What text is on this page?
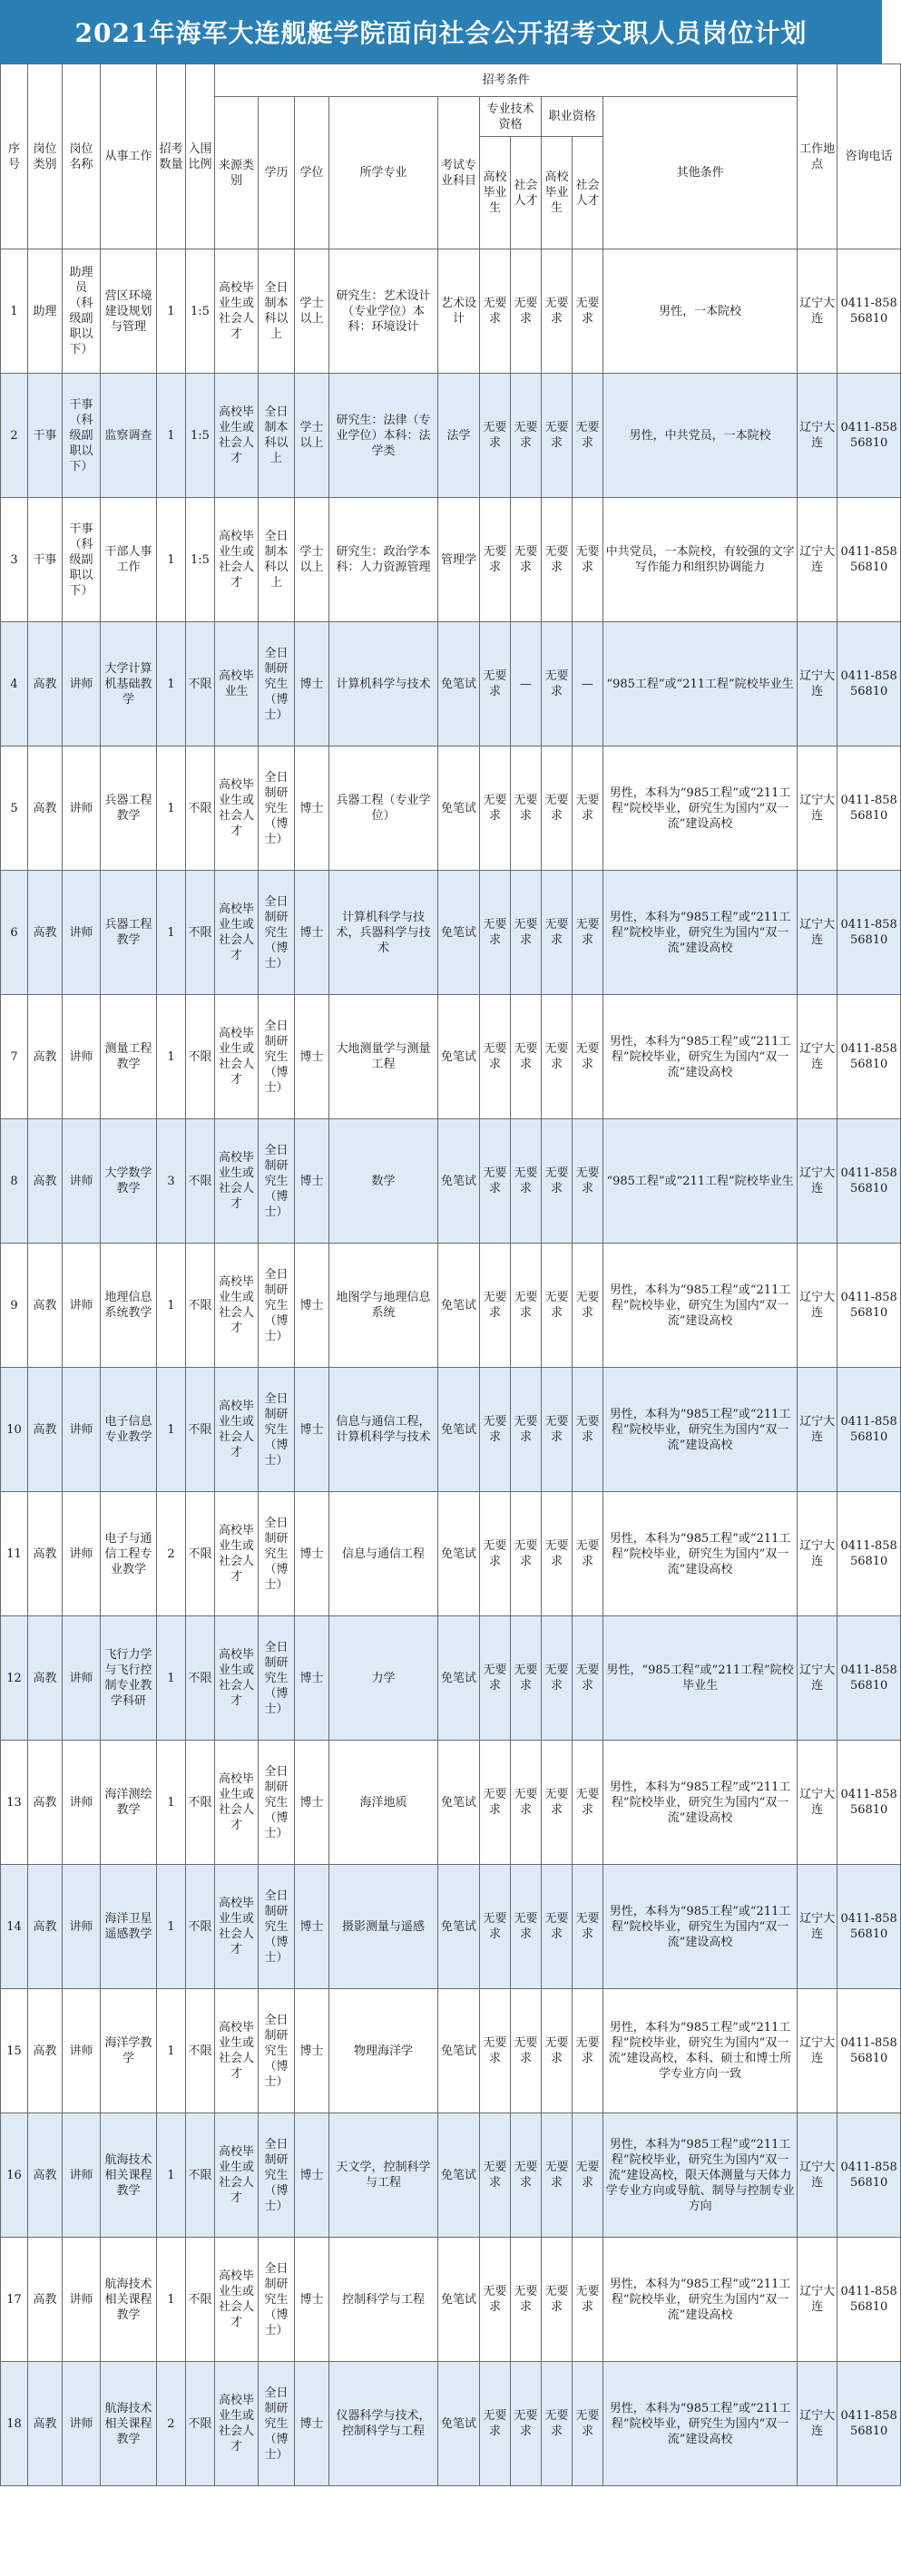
2021年海军大连舰艇学院面向社会公开招考文职人员岗位计划
序号	岗位类别	岗位名称	从事工作	招考数量	入围比例	招考条件										工作地点	咨询电话
						来源类别	学历	学位	所学专业	考试专业科目	专业技术资格		职业资格		其他条件		
											高校毕业生	社会人才	高校毕业生	社会人才			
1	助理	助理员（科级副职以下）	营区环境建设规划与管理	1	1:5	高校毕业生或社会人才	全日制本科以上	学士以上	研究生：艺术设计（专业学位）本科：环境设计	艺术设计	无要求	无要求	无要求	无要求	男性，一本院校	辽宁大连	0411-85856810
2	干事	干事（科级副职以下）	监察调查	1	1:5	高校毕业生或社会人才	全日制本科以上	学士以上	研究生：法律（专业学位）本科：法学类	法学	无要求	无要求	无要求	无要求	男性，中共党员，一本院校	辽宁大连	0411-85856810
3	干事	干事（科级副职以下）	干部人事工作	1	1:5	高校毕业生或社会人才	全日制本科以上	学士以上	研究生：政治学本科：人力资源管理	管理学	无要求	无要求	无要求	无要求	中共党员，一本院校，有较强的文字写作能力和组织协调能力	辽宁大连	0411-85856810
4	高教	讲师	大学计算机基础教学	1	不限	高校毕业生	全日制研究生（博士）	博士	计算机科学与技术	免笔试	无要求	—	无要求	—	“985工程”或“211工程”院校毕业生	辽宁大连	0411-85856810
5	高教	讲师	兵器工程教学	1	不限	高校毕业生或社会人才	全日制研究生（博士）	博士	兵器工程（专业学位）	免笔试	无要求	无要求	无要求	无要求	男性，本科为“985工程”或“211工程”院校毕业，研究生为国内“双一流”建设高校	辽宁大连	0411-85856810
6	高教	讲师	兵器工程教学	1	不限	高校毕业生或社会人才	全日制研究生（博士）	博士	计算机科学与技术，兵器科学与技术	免笔试	无要求	无要求	无要求	无要求	男性，本科为“985工程”或“211工程”院校毕业，研究生为国内“双一流”建设高校	辽宁大连	0411-85856810
7	高教	讲师	测量工程教学	1	不限	高校毕业生或社会人才	全日制研究生（博士）	博士	大地测量学与测量工程	免笔试	无要求	无要求	无要求	无要求	男性，本科为“985工程”或“211工程”院校毕业，研究生为国内“双一流”建设高校	辽宁大连	0411-85856810
8	高教	讲师	大学数学教学	3	不限	高校毕业生或社会人才	全日制研究生（博士）	博士	数学	免笔试	无要求	无要求	无要求	无要求	“985工程”或“211工程”院校毕业生	辽宁大连	0411-85856810
9	高教	讲师	地理信息系统教学	1	不限	高校毕业生或社会人才	全日制研究生（博士）	博士	地图学与地理信息系统	免笔试	无要求	无要求	无要求	无要求	男性，本科为“985工程”或“211工程”院校毕业，研究生为国内“双一流”建设高校	辽宁大连	0411-85856810
10	高教	讲师	电子信息专业教学	1	不限	高校毕业生或社会人才	全日制研究生（博士）	博士	信息与通信工程，计算机科学与技术	免笔试	无要求	无要求	无要求	无要求	男性，本科为“985工程”或“211工程”院校毕业，研究生为国内“双一流”建设高校	辽宁大连	0411-85856810
11	高教	讲师	电子与通信工程专业教学	2	不限	高校毕业生或社会人才	全日制研究生（博士）	博士	信息与通信工程	免笔试	无要求	无要求	无要求	无要求	男性，本科为“985工程”或“211工程”院校毕业，研究生为国内“双一流”建设高校	辽宁大连	0411-85856810
12	高教	讲师	飞行力学与飞行控制专业教学科研	1	不限	高校毕业生或社会人才	全日制研究生（博士）	博士	力学	免笔试	无要求	无要求	无要求	无要求	男性，“985工程”或“211工程”院校毕业生	辽宁大连	0411-85856810
13	高教	讲师	海洋测绘教学	1	不限	高校毕业生或社会人才	全日制研究生（博士）	博士	海洋地质	免笔试	无要求	无要求	无要求	无要求	男性，本科为“985工程”或“211工程”院校毕业，研究生为国内“双一流”建设高校	辽宁大连	0411-85856810
14	高教	讲师	海洋卫星遥感教学	1	不限	高校毕业生或社会人才	全日制研究生（博士）	博士	摄影测量与遥感	免笔试	无要求	无要求	无要求	无要求	男性，本科为“985工程”或“211工程”院校毕业，研究生为国内“双一流”建设高校	辽宁大连	0411-85856810
15	高教	讲师	海洋学教学	1	不限	高校毕业生或社会人才	全日制研究生（博士）	博士	物理海洋学	免笔试	无要求	无要求	无要求	无要求	男性，本科为“985工程”或“211工程”院校毕业，研究生为国内“双一流”建设高校，本科、硕士和博士所学专业方向一致	辽宁大连	0411-85856810
16	高教	讲师	航海技术相关课程教学	1	不限	高校毕业生或社会人才	全日制研究生（博士）	博士	天文学，控制科学与工程	免笔试	无要求	无要求	无要求	无要求	男性，本科为“985工程”或“211工程”院校毕业，研究生为国内“双一流”建设高校，限天体测量与天体力学专业方向或导航、制导与控制专业方向	辽宁大连	0411-85856810
17	高教	讲师	航海技术相关课程教学	1	不限	高校毕业生或社会人才	全日制研究生（博士）	博士	控制科学与工程	免笔试	无要求	无要求	无要求	无要求	男性，本科为“985工程”或“211工程”院校毕业，研究生为国内“双一流”建设高校	辽宁大连	0411-85856810
18	高教	讲师	航海技术相关课程教学	2	不限	高校毕业生或社会人才	全日制研究生（博士）	博士	仪器科学与技术，控制科学与工程	免笔试	无要求	无要求	无要求	无要求	男性，本科为“985工程”或“211工程”院校毕业，研究生为国内“双一流”建设高校	辽宁大连	0411-85856810
